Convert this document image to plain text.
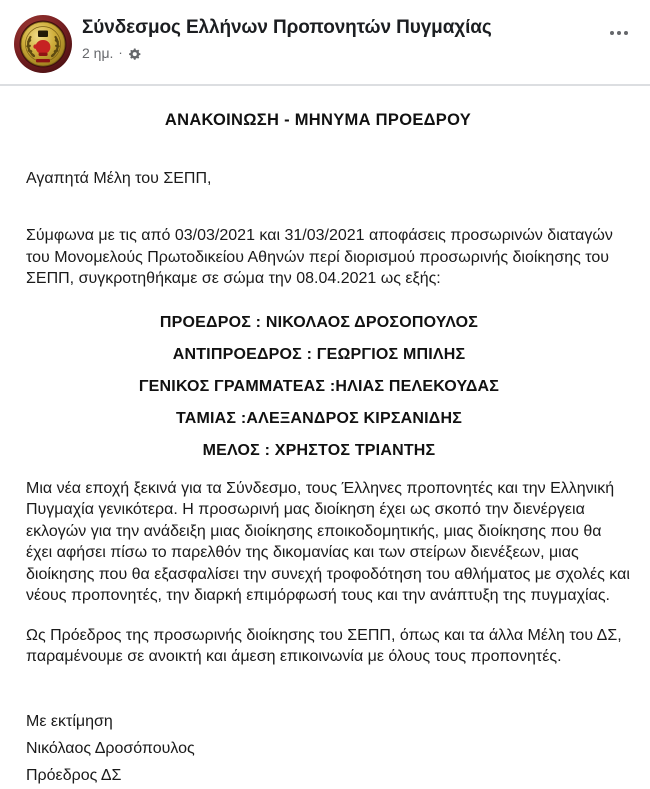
Σύνδεσμος Ελλήνων Προπονητών Πυγμαχίας
2 ημ. ·
ΑΝΑΚΟΙΝΩΣΗ - ΜΗΝΥΜΑ ΠΡΟΕΔΡΟΥ
Αγαπητά Μέλη του ΣΕΠΠ,
Σύμφωνα με τις από 03/03/2021 και 31/03/2021 αποφάσεις προσωρινών διαταγών του Μονομελούς Πρωτοδικείου Αθηνών περί διορισμού προσωρινής διοίκησης του ΣΕΠΠ, συγκροτηθήκαμε σε σώμα την 08.04.2021 ως εξής:
ΠΡΟΕΔΡΟΣ : ΝΙΚΟΛΑΟΣ ΔΡΟΣΟΠΟΥΛΟΣ
ΑΝΤΙΠΡΟΕΔΡΟΣ : ΓΕΩΡΓΙΟΣ ΜΠΙΛΗΣ
ΓΕΝΙΚΟΣ ΓΡΑΜΜΑΤΕΑΣ :ΗΛΙΑΣ ΠΕΛΕΚΟΥΔΑΣ
ΤΑΜΙΑΣ :ΑΛΕΞΑΝΔΡΟΣ ΚΙΡΣΑΝΙΔΗΣ
ΜΕΛΟΣ : ΧΡΗΣΤΟΣ ΤΡΙΑΝΤΗΣ
Μια νέα εποχή ξεκινά για τα Σύνδεσμο, τους Έλληνες προπονητές και την Ελληνική Πυγμαχία γενικότερα. Η προσωρινή μας διοίκηση έχει ως σκοπό την διενέργεια εκλογών για την ανάδειξη μιας διοίκησης εποικοδομητικής, μιας διοίκησης που θα έχει αφήσει πίσω το παρελθόν της δικομανίας και των στείρων διενέξεων, μιας διοίκησης που θα εξασφαλίσει την συνεχή τροφοδότηση του αθλήματος με σχολές και νέους προπονητές, την διαρκή επιμόρφωσή τους και την ανάπτυξη της πυγμαχίας.
Ως Πρόεδρος της προσωρινής διοίκησης του ΣΕΠΠ, όπως και τα άλλα Μέλη του ΔΣ, παραμένουμε σε ανοικτή και άμεση επικοινωνία με όλους τους προπονητές.
Με εκτίμηση
Νικόλαος Δροσόπουλος
Πρόεδρος ΔΣ
